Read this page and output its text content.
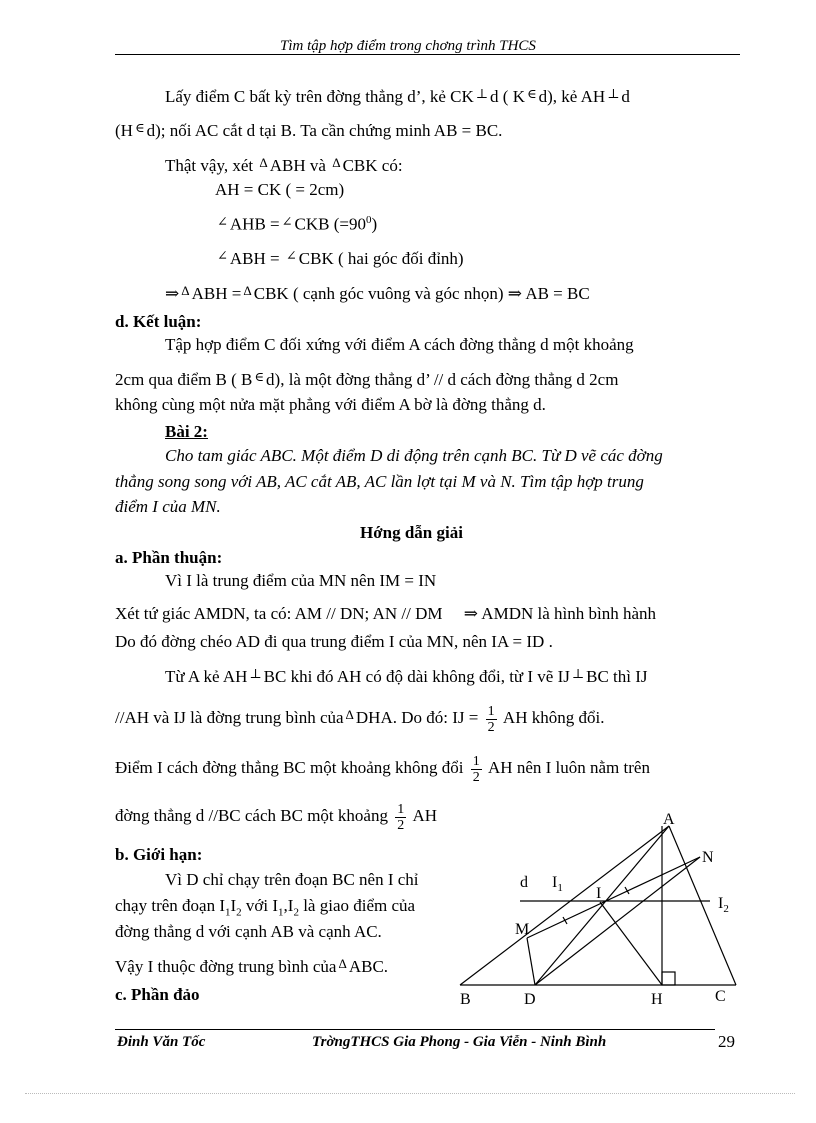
Tìm tập hợp điểm trong chơng trình THCS
Lấy điểm C bất kỳ trên đờng thẳng d’, kẻ CK ⊥ d ( K ∈ d), kẻ AH ⊥ d
(H ∈ d); nối AC cắt d tại B. Ta cần chứng minh AB = BC.
Thật vậy, xét $^\Delta$ ABH và $^\Delta$ CBK có:
AH = CK ( = 2cm)
∠ AHB = ∠ CKB $(=90^0)$
∠ ABH = ∠ CBK ( hai góc đối đỉnh)
⇒ $^\Delta$ ABH = $^\Delta$ CBK ( cạnh góc vuông và góc nhọn) ⇒ AB = BC
d. Kết luận:
Tập hợp điểm C đối xứng với điểm A cách đờng thẳng d một khoảng
2cm qua điểm B ( B ∈ d), là một đờng thẳng d’ // d cách đờng thẳng d 2cm
không cùng một nửa mặt phẳng với điểm A bờ là đờng thẳng d.
Bài 2:
Cho tam giác ABC. Một điểm D di động trên cạnh BC. Từ D vẽ các đờng
thẳng song song với AB, AC cắt AB, AC lần lợt tại M và N. Tìm tập hợp trung
điểm I của MN.
Hớng dẫn giải
a. Phần thuận:
Vì I là trung điểm của MN nên IM = IN
Xét tứ giác AMDN, ta có: AM // DN; AN // DM ⇒ AMDN là hình bình hành
Do đó đờng chéo AD đi qua trung điểm I của MN, nên IA = ID .
Từ A kẻ AH ⊥ BC khi đó AH có độ dài không đổi, từ I vẽ IJ ⊥ BC thì IJ
//AH và IJ là đờng trung bình của $^\Delta$ DHA. Do đó: IJ = $\frac{1}{2}$ AH không đổi.
Điểm I cách đờng thẳng BC một khoảng không đổi $\frac{1}{2}$ AH nên I luôn nằm trên
đờng thẳng d //BC cách BC một khoảng $\frac{1}{2}$ AH
b. Giới hạn:
Vì D chỉ chạy trên đoạn BC nên I chỉ
chạy trên đoạn $I_1I_2$ với $I_1,I_2$ là giao điểm của
đờng thẳng d với cạnh AB và cạnh AC.
Vậy I thuộc đờng trung bình của $^\Delta$ ABC.
c. Phần đảo
A
N
d $I_1$ I
$I_2$
M
B	D	H	C
Đinh Văn Tốc	TrờngTHCS Gia Phong - Gia Viễn - Ninh Bình	29
